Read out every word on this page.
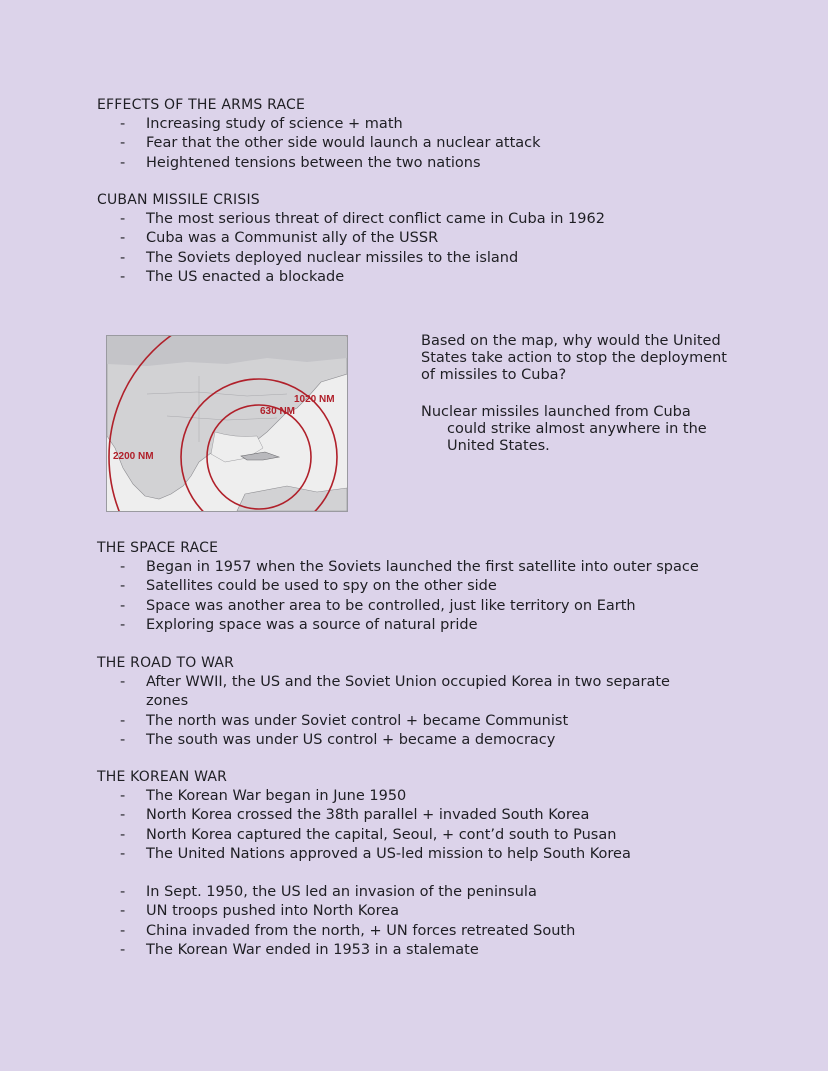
EFFECTS OF THE ARMS RACE
- Increasing study of science + math
- Fear that the other side would launch a nuclear attack
- Heightened tensions between the two nations
CUBAN MISSILE CRISIS
- The most serious threat of direct conflict came in Cuba in 1962
- Cuba was a Communist ally of the USSR
- The Soviets deployed nuclear missiles to the island
- The US enacted a blockade
1020 NM
630 NM
2200 NM
Based on the map, why would the United States take action to stop the deployment of missiles to Cuba?
Nuclear missiles launched from Cuba
could strike almost anywhere in the United States.
THE SPACE RACE
- Began in 1957 when the Soviets launched the first satellite into outer space
- Satellites could be used to spy on the other side
- Space was another area to be controlled, just like territory on Earth
- Exploring space was a source of natural pride
THE ROAD TO WAR
- After WWII, the US and the Soviet Union occupied Korea in two separate zones
- The north was under Soviet control + became Communist
- The south was under US control + became a democracy
THE KOREAN WAR
- The Korean War began in June 1950
- North Korea crossed the 38th parallel + invaded South Korea
- North Korea captured the capital, Seoul, + cont’d south to Pusan
- The United Nations approved a US-led mission to help South Korea
- In Sept. 1950, the US led an invasion of the peninsula
- UN troops pushed into North Korea
- China invaded from the north, + UN forces retreated South
- The Korean War ended in 1953 in a stalemate
